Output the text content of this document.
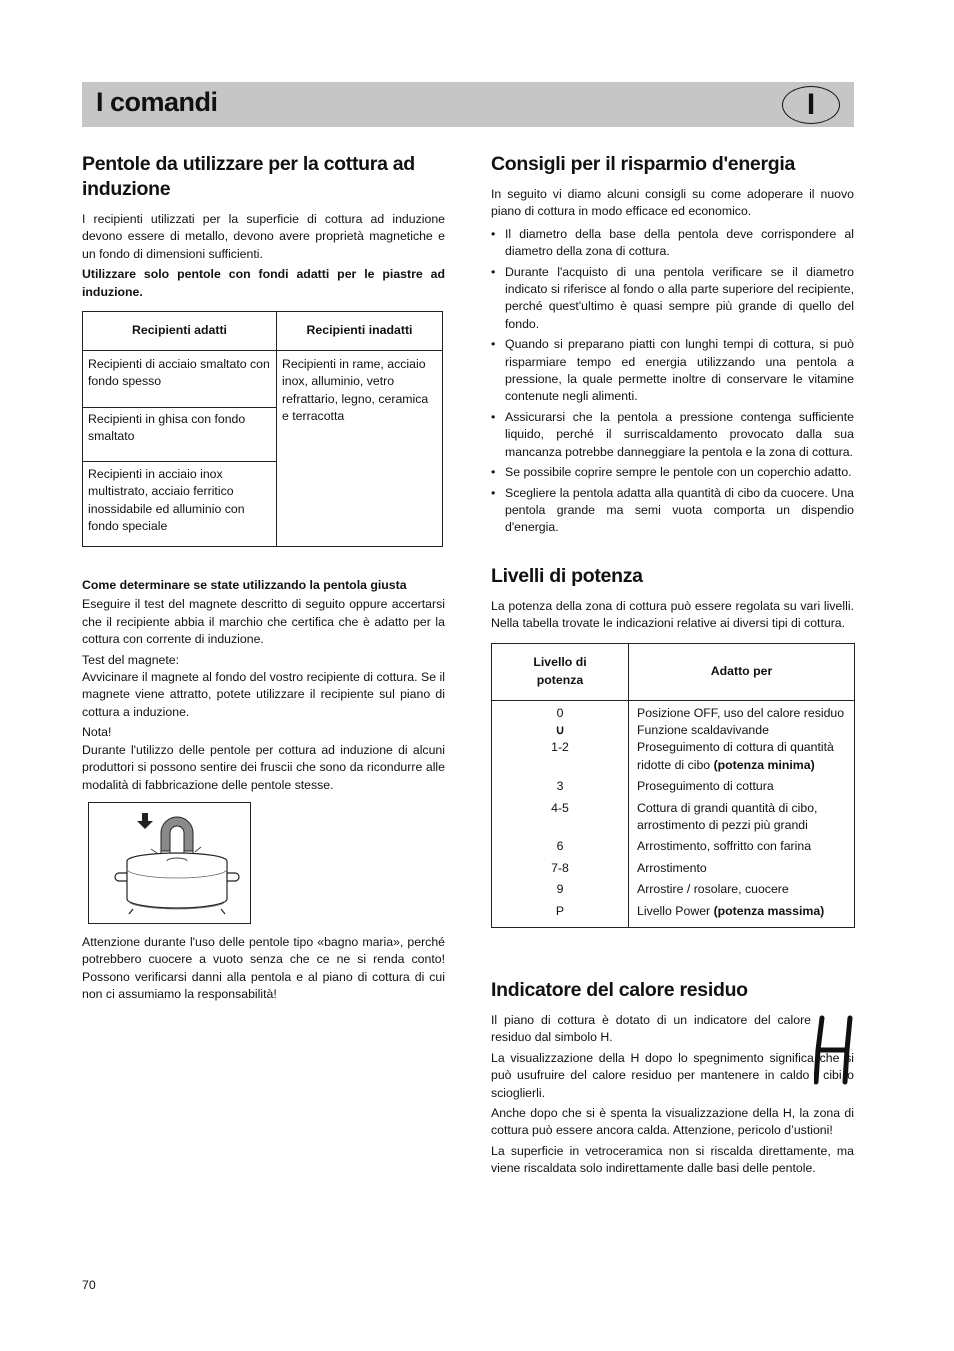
I comandi	I
Pentole da utilizzare per la cottura ad induzione

I recipienti utilizzati per la superficie di cottura ad induzione devono essere di metallo, devono avere proprietà magnetiche e un fondo di dimensioni sufficienti.

Utilizzare solo pentole con fondi adatti per le piastre ad induzione.

Recipienti adatti	Recipienti inadatti
Recipienti di acciaio smaltato con fondo spesso	Recipienti in rame, acciaio inox, alluminio, vetro refrattario, legno, ceramica e terracotta
Recipienti in ghisa con fondo smaltato	
Recipienti in acciaio inox multistrato, acciaio ferritico inossidabile ed alluminio con fondo speciale	
Come determinare se state utilizzando la pentola giusta

Eseguire il test del magnete descritto di seguito oppure accertarsi che il recipiente abbia il marchio che certifica che è adatto per la cottura con corrente di induzione.

Test del magnete:

Avvicinare il magnete al fondo del vostro recipiente di cottura. Se il magnete viene attratto, potete utilizzare il recipiente sul piano di cottura a induzione.

Nota!

Durante l'utilizzo delle pentole per cottura ad induzione di alcuni produttori si possono sentire dei fruscii che sono da ricondurre alle modalità di fabbricazione delle pentole stesse.

Attenzione durante l'uso delle pentole tipo «bagno maria», perché potrebbero cuocere a vuoto senza che ce ne si renda conto! Possono verificarsi danni alla pentola e al piano di cottura di cui non ci assumiamo la responsabilità!

Consigli per il risparmio d'energia

In seguito vi diamo alcuni consigli su come adoperare il nuovo piano di cottura in modo efficace ed economico.

• Il diametro della base della pentola deve corrispondere al diametro della zona di cottura.
• Durante l'acquisto di una pentola verificare se il diametro indicato si riferisce al fondo o alla parte superiore del recipiente, perché quest'ultimo è quasi sempre più grande di quello del fondo.
• Quando si preparano piatti con lunghi tempi di cottura, si può risparmiare tempo ed energia utilizzando una pentola a pressione, la quale permette inoltre di conservare le vitamine contenute negli alimenti.
• Assicurarsi che la pentola a pressione contenga sufficiente liquido, perché il surriscaldamento provocato dalla sua mancanza potrebbe danneggiare la pentola e la zona di cottura.
• Se possibile coprire sempre le pentole con un coperchio adatto.
• Scegliere la pentola adatta alla quantità di cibo da cuocere. Una pentola grande ma semi vuota comporta un dispendio d'energia.
Livelli di potenza

La potenza della zona di cottura può essere regolata su vari livelli. Nella tabella trovate le indicazioni relative ai diversi tipi di cottura.

Livello di potenza	Adatto per
0	Posizione OFF, uso del calore residuo
∪	Funzione scaldavivande
1-2	Proseguimento di cottura di quantità ridotte di cibo (potenza minima)
3	Proseguimento di cottura
4-5	Cottura di grandi quantità di cibo, arrostimento di pezzi più grandi
6	Arrostimento, soffritto con farina
7-8	Arrostimento
9	Arrostire / rosolare, cuocere
P	Livello Power (potenza massima)
Indicatore del calore residuo

Il piano di cottura è dotato di un indicatore del calore residuo dal simbolo H.

La visualizzazione della H dopo lo spegnimento significa che si può usufruire del calore residuo per mantenere in caldo i cibi o scioglierli.

Anche dopo che si è spenta la visualizzazione della H, la zona di cottura può essere ancora calda. Attenzione, pericolo d’ustioni!

La superficie in vetroceramica non si riscalda direttamente, ma viene riscaldata solo indirettamente dalle basi delle pentole.

70
